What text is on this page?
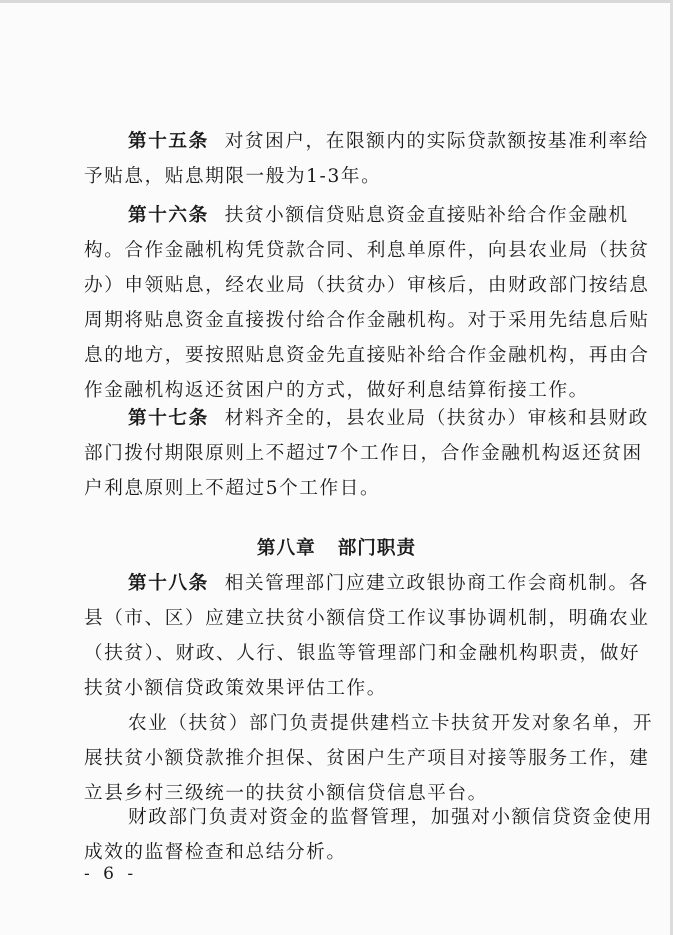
第十五条 对贫困户，在限额内的实际贷款额按基准利率给
予贴息，贴息期限一般为1-3年。
第十六条 扶贫小额信贷贴息资金直接贴补给合作金融机
构。合作金融机构凭贷款合同、利息单原件，向县农业局（扶贫
办）申领贴息，经农业局（扶贫办）审核后，由财政部门按结息
周期将贴息资金直接拨付给合作金融机构。对于采用先结息后贴
息的地方，要按照贴息资金先直接贴补给合作金融机构，再由合
作金融机构返还贫困户的方式，做好利息结算衔接工作。
第十七条 材料齐全的，县农业局（扶贫办）审核和县财政
部门拨付期限原则上不超过7个工作日，合作金融机构返还贫困
户利息原则上不超过5个工作日。
第八章 部门职责
第十八条 相关管理部门应建立政银协商工作会商机制。各
县（市、区）应建立扶贫小额信贷工作议事协调机制，明确农业
（扶贫）、财政、人行、银监等管理部门和金融机构职责，做好
扶贫小额信贷政策效果评估工作。
农业（扶贫）部门负责提供建档立卡扶贫开发对象名单，开
展扶贫小额贷款推介担保、贫困户生产项目对接等服务工作，建
立县乡村三级统一的扶贫小额信贷信息平台。
财政部门负责对资金的监督管理，加强对小额信贷资金使用
成效的监督检查和总结分析。
- 6 -
